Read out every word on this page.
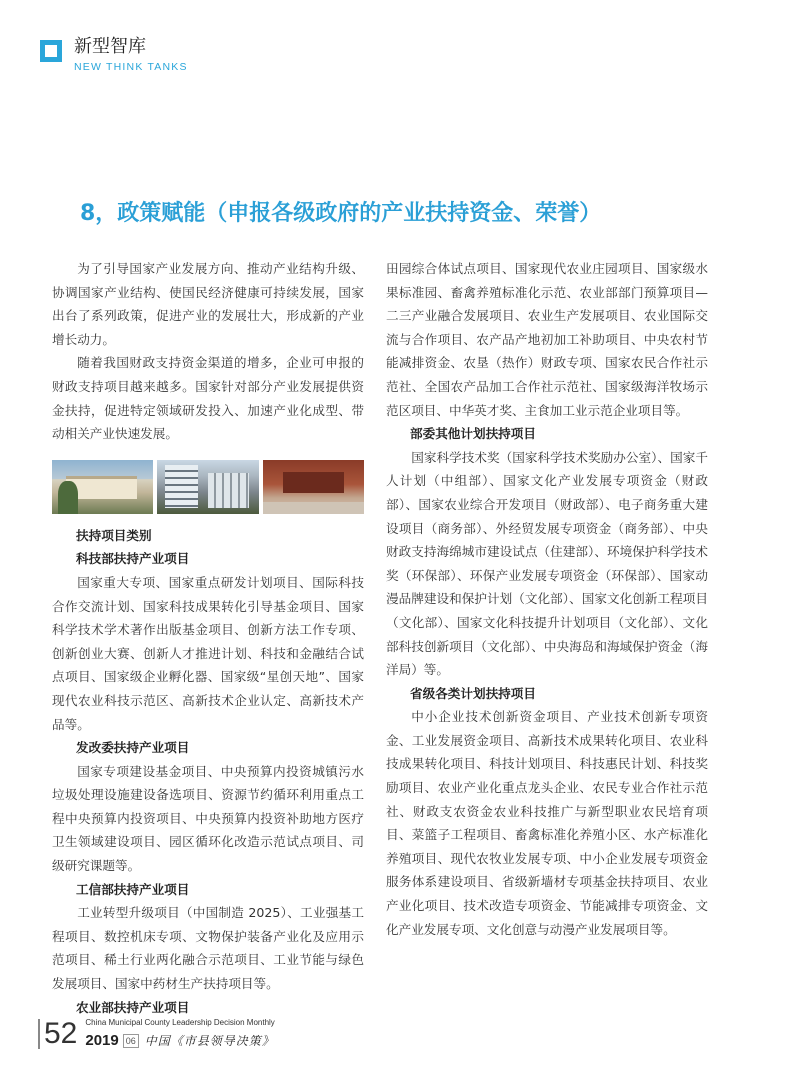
新型智库
NEW THINK TANKS
8，政策赋能（申报各级政府的产业扶持资金、荣誉）

为了引导国家产业发展方向、推动产业结构升级、协调国家产业结构、使国民经济健康可持续发展，国家出台了系列政策，促进产业的发展壮大，形成新的产业增长动力。

随着我国财政支持资金渠道的增多，企业可申报的财政支持项目越来越多。国家针对部分产业发展提供资金扶持，促进特定领域研发投入、加速产业化成型、带动相关产业快速发展。

扶持项目类别
科技部扶持产业项目

国家重大专项、国家重点研发计划项目、国际科技合作交流计划、国家科技成果转化引导基金项目、国家科学技术学术著作出版基金项目、创新方法工作专项、创新创业大赛、创新人才推进计划、科技和金融结合试点项目、国家级企业孵化器、国家级“星创天地”、国家现代农业科技示范区、高新技术企业认定、高新技术产品等。

发改委扶持产业项目

国家专项建设基金项目、中央预算内投资城镇污水垃圾处理设施建设备选项目、资源节约循环利用重点工程中央预算内投资项目、中央预算内投资补助地方医疗卫生领域建设项目、园区循环化改造示范试点项目、司级研究课题等。

工信部扶持产业项目

工业转型升级项目（中国制造 2025）、工业强基工程项目、数控机床专项、文物保护装备产业化及应用示范项目、稀土行业两化融合示范项目、工业节能与绿色发展项目、国家中药材生产扶持项目等。

农业部扶持产业项目

田园综合体试点项目、国家现代农业庄园项目、国家级水果标准园、畜禽养殖标准化示范、农业部部门预算项目—二三产业融合发展项目、农业生产发展项目、农业国际交流与合作项目、农产品产地初加工补助项目、中央农村节能减排资金、农垦（热作）财政专项、国家农民合作社示范社、全国农产品加工合作社示范社、国家级海洋牧场示范区项目、中华英才奖、主食加工业示范企业项目等。

部委其他计划扶持项目

国家科学技术奖（国家科学技术奖励办公室）、国家千人计划（中组部）、国家文化产业发展专项资金（财政部）、国家农业综合开发项目（财政部）、电子商务重大建设项目（商务部）、外经贸发展专项资金（商务部）、中央财政支持海绵城市建设试点（住建部）、环境保护科学技术奖（环保部）、环保产业发展专项资金（环保部）、国家动漫品牌建设和保护计划（文化部）、国家文化创新工程项目（文化部）、国家文化科技提升计划项目（文化部）、文化部科技创新项目（文化部）、中央海岛和海域保护资金（海洋局）等。

省级各类计划扶持项目

中小企业技术创新资金项目、产业技术创新专项资金、工业发展资金项目、高新技术成果转化项目、农业科技成果转化项目、科技计划项目、科技惠民计划、科技奖励项目、农业产业化重点龙头企业、农民专业合作社示范社、财政支农资金农业科技推广与新型职业农民培育项目、菜篮子工程项目、畜禽标准化养殖小区、水产标准化养殖项目、现代农牧业发展专项、中小企业发展专项资金服务体系建设项目、省级新墙材专项基金扶持项目、农业产业化项目、技术改造专项资金、节能减排专项资金、文化产业发展专项、文化创意与动漫产业发展项目等。

52 China Municipal County Leadership Decision Monthly
2019 06 中国《市县领导决策》
